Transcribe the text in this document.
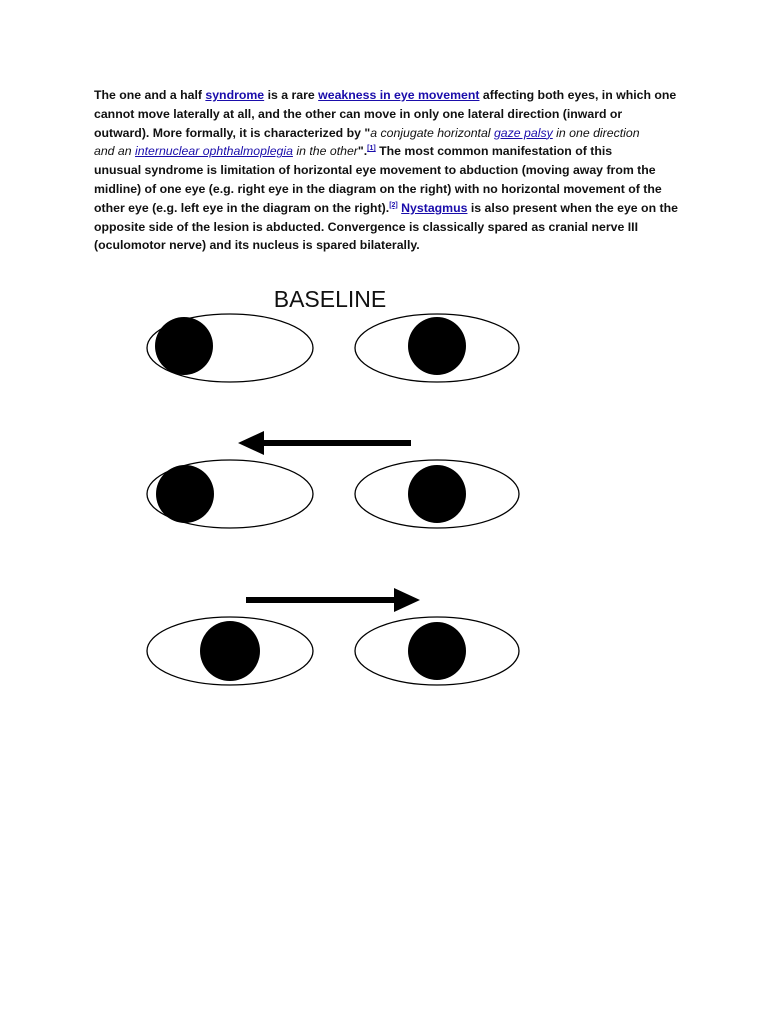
The one and a half syndrome is a rare weakness in eye movement affecting both eyes, in which one
cannot move laterally at all, and the other can move in only one lateral direction (inward or
outward). More formally, it is characterized by "a conjugate horizontal gaze palsy in one direction
and an internuclear ophthalmoplegia in the other".[1] The most common manifestation of this
unusual syndrome is limitation of horizontal eye movement to abduction (moving away from the
midline) of one eye (e.g. right eye in the diagram on the right) with no horizontal movement of the
other eye (e.g. left eye in the diagram on the right).[2] Nystagmus is also present when the eye on the
opposite side of the lesion is abducted. Convergence is classically spared as cranial nerve III
(oculomotor nerve) and its nucleus is spared bilaterally.

BASELINE
